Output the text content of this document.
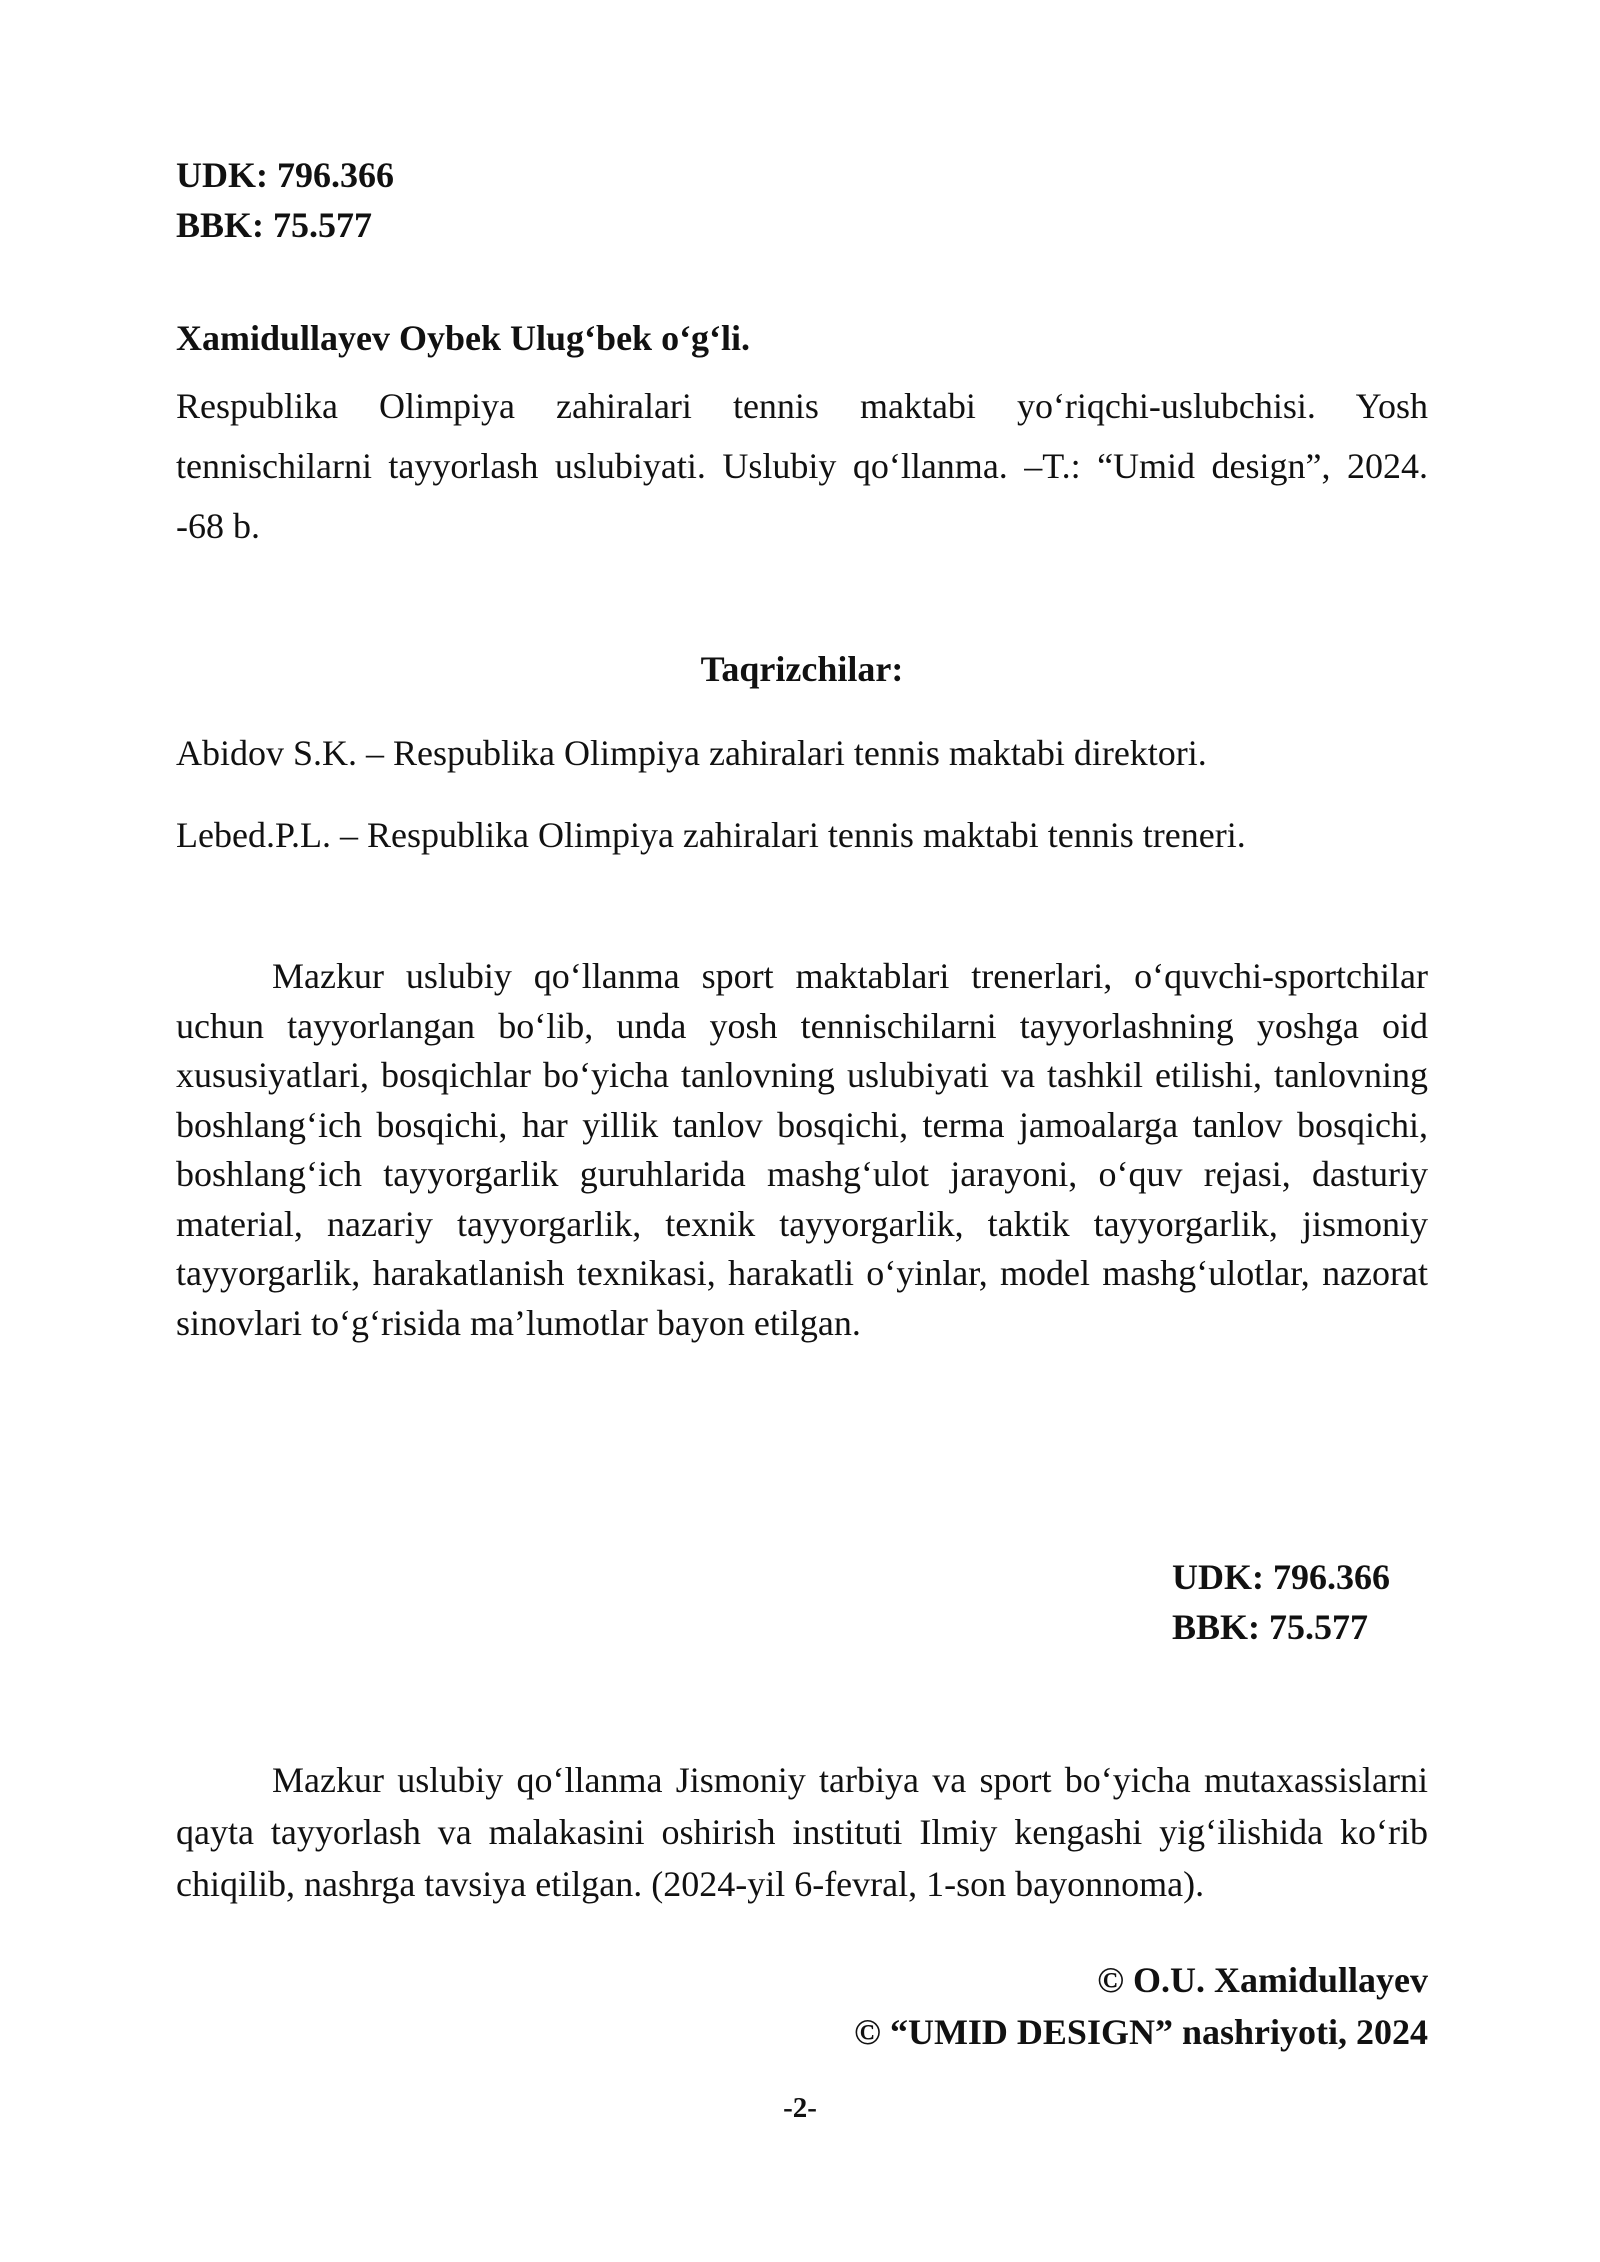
UDK: 796.366
BBK: 75.577
Xamidullayev Oybek Ulug‘bek o‘g‘li.
Respublika Olimpiya zahiralari tennis maktabi yo‘riqchi-uslubchisi. Yosh
tennischilarni tayyorlash uslubiyati. Uslubiy qo‘llanma. –T.: “Umid design”, 2024.
-68 b.
Taqrizchilar:
Abidov S.K. – Respublika Olimpiya zahiralari tennis maktabi direktori.
Lebed.P.L. – Respublika Olimpiya zahiralari tennis maktabi tennis treneri.
Mazkur uslubiy qo‘llanma sport maktablari trenerlari, o‘quvchi-sportchilar uchun tayyorlangan bo‘lib, unda yosh tennischilarni tayyorlashning yoshga oid xususiyatlari, bosqichlar bo‘yicha tanlovning uslubiyati va tashkil etilishi, tanlovning boshlang‘ich bosqichi, har yillik tanlov bosqichi, terma jamoalarga tanlov bosqichi, boshlang‘ich tayyorgarlik guruhlarida mashg‘ulot jarayoni, o‘quv rejasi, dasturiy material, nazariy tayyorgarlik, texnik tayyorgarlik, taktik tayyorgarlik, jismoniy tayyorgarlik, harakatlanish texnikasi, harakatli o‘yinlar, model mashg‘ulotlar, nazorat sinovlari to‘g‘risida ma’lumotlar bayon etilgan.
UDK: 796.366
BBK: 75.577
Mazkur uslubiy qo‘llanma Jismoniy tarbiya va sport bo‘yicha mutaxassislarni qayta tayyorlash va malakasini oshirish instituti Ilmiy kengashi yig‘ilishida ko‘rib chiqilib, nashrga tavsiya etilgan. (2024-yil 6-fevral, 1-son bayonnoma).
© O.U. Xamidullayev
© “UMID DESIGN” nashriyoti, 2024
-2-
